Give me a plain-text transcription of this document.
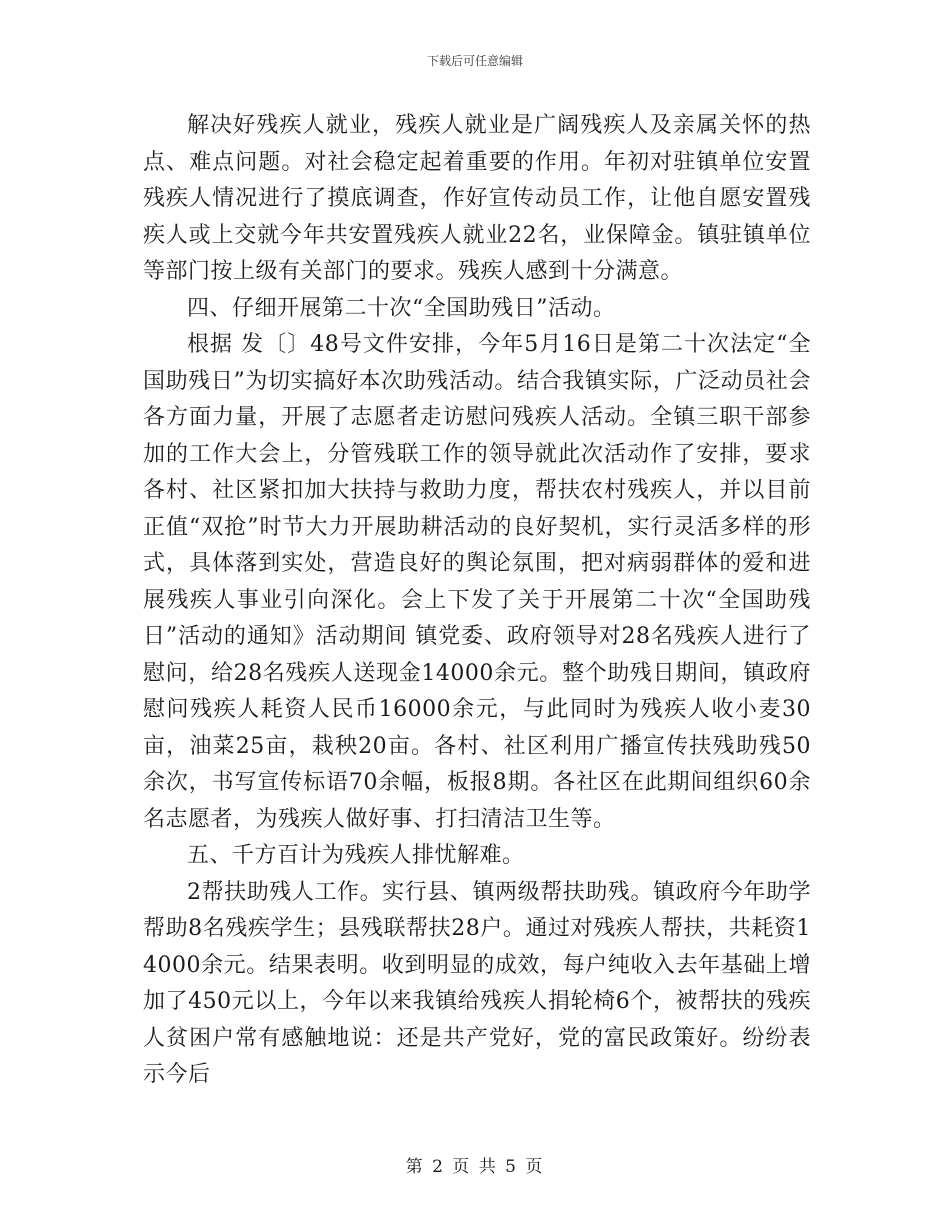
下载后可任意编辑

解决好残疾人就业，残疾人就业是广阔残疾人及亲属关怀的热点、难点问题。对社会稳定起着重要的作用。年初对驻镇单位安置残疾人情况进行了摸底调查，作好宣传动员工作，让他自愿安置残疾人或上交就今年共安置残疾人就业22名，业保障金。镇驻镇单位等部门按上级有关部门的要求。残疾人感到十分满意。

四、仔细开展第二十次“全国助残日”活动。

根据 发〔〕48号文件安排，今年5月16日是第二十次法定“全国助残日”为切实搞好本次助残活动。结合我镇实际，广泛动员社会各方面力量，开展了志愿者走访慰问残疾人活动。全镇三职干部参加的工作大会上，分管残联工作的领导就此次活动作了安排，要求各村、社区紧扣加大扶持与救助力度，帮扶农村残疾人，并以目前正值“双抢”时节大力开展助耕活动的良好契机，实行灵活多样的形式，具体落到实处，营造良好的舆论氛围，把对病弱群体的爱和进展残疾人事业引向深化。会上下发了关于开展第二十次“全国助残日”活动的通知》活动期间 镇党委、政府领导对28名残疾人进行了慰问，给28名残疾人送现金14000余元。整个助残日期间，镇政府慰问残疾人耗资人民币16000余元，与此同时为残疾人收小麦30亩，油菜25亩，栽秧20亩。各村、社区利用广播宣传扶残助残50余次，书写宣传标语70余幅，板报8期。各社区在此期间组织60余名志愿者，为残疾人做好事、打扫清洁卫生等。

五、千方百计为残疾人排忧解难。

2帮扶助残人工作。实行县、镇两级帮扶助残。镇政府今年助学帮助8名残疾学生；县残联帮扶28户。通过对残疾人帮扶，共耗资14000余元。结果表明。收到明显的成效，每户纯收入去年基础上增加了450元以上，今年以来我镇给残疾人捐轮椅6个，被帮扶的残疾人贫困户常有感触地说：还是共产党好，党的富民政策好。纷纷表示今后

第 2 页 共 5 页
